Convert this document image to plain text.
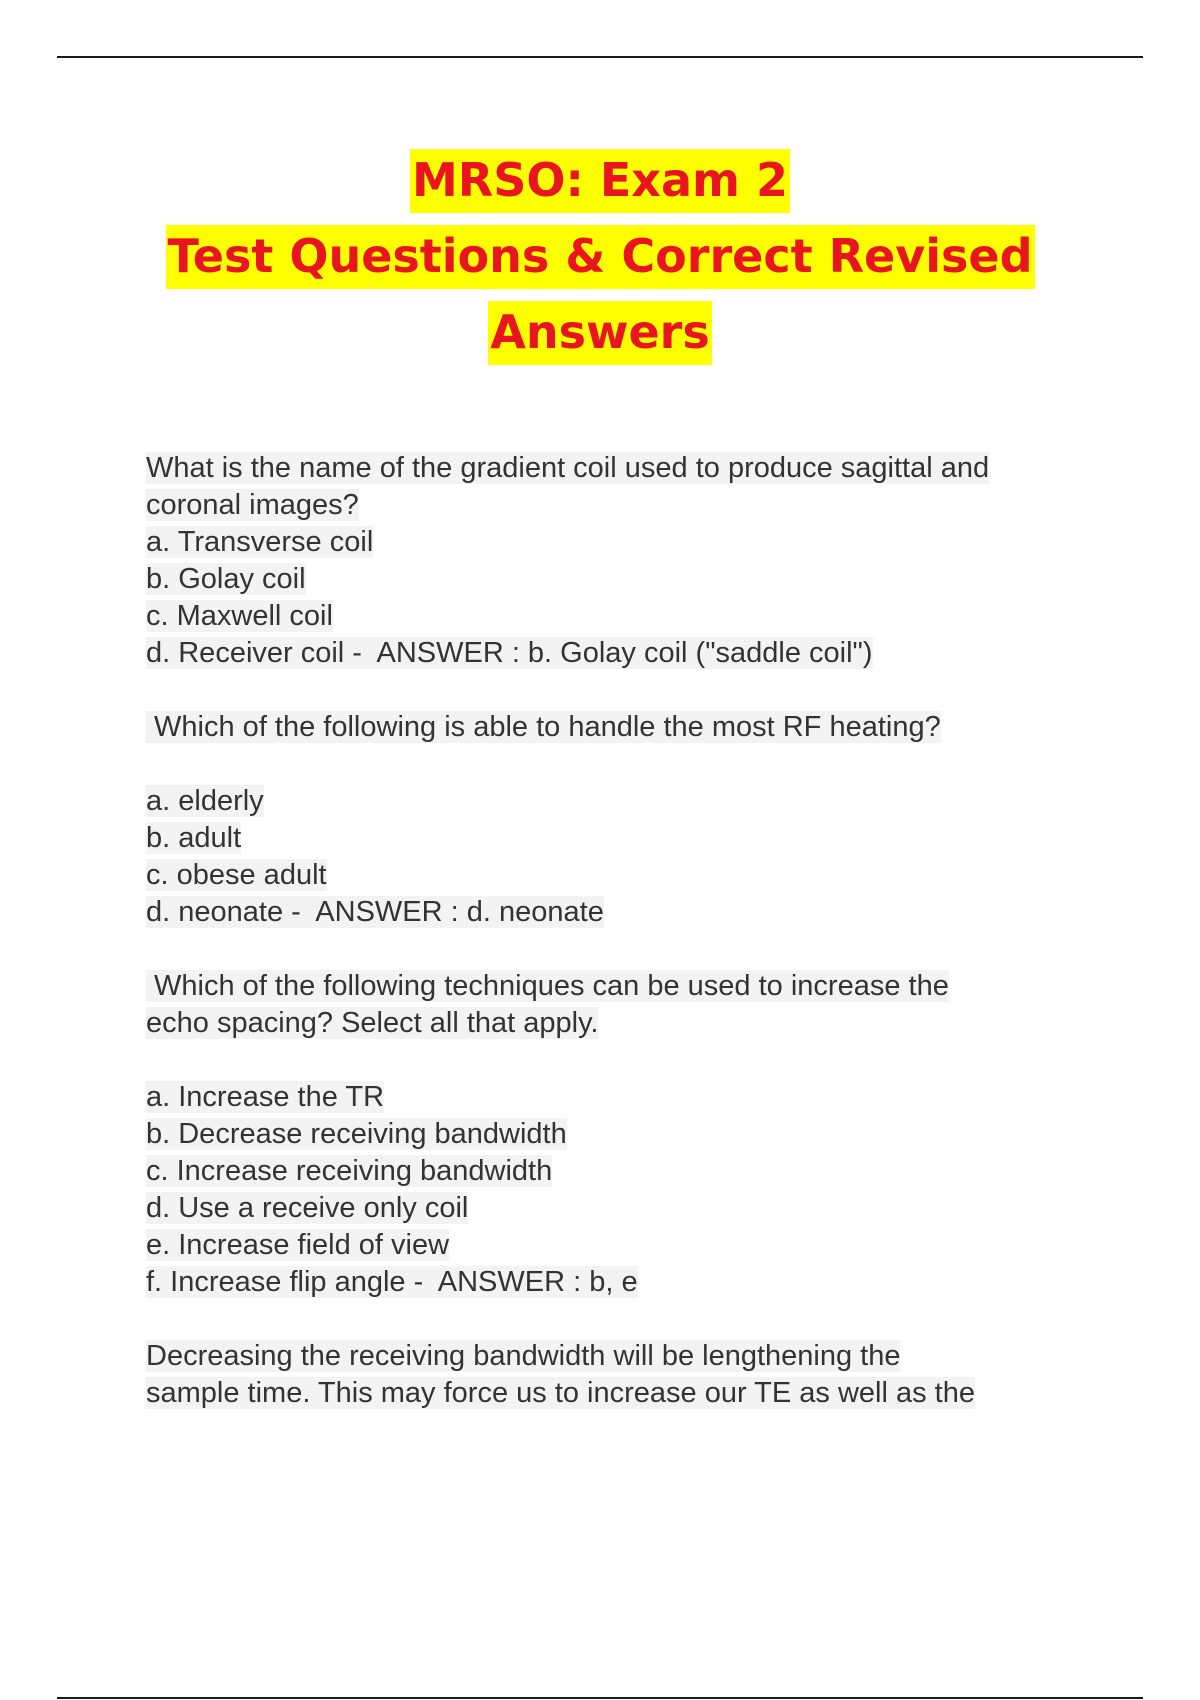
MRSO: Exam 2
Test Questions & Correct Revised
Answers
What is the name of the gradient coil used to produce sagittal and
coronal images?
a. Transverse coil
b. Golay coil
c. Maxwell coil
d. Receiver coil -  ANSWER : b. Golay coil ("saddle coil")
Which of the following is able to handle the most RF heating?
a. elderly
b. adult
c. obese adult
d. neonate -  ANSWER : d. neonate
Which of the following techniques can be used to increase the
echo spacing? Select all that apply.
a. Increase the TR
b. Decrease receiving bandwidth
c. Increase receiving bandwidth
d. Use a receive only coil
e. Increase field of view
f. Increase flip angle -  ANSWER : b, e
Decreasing the receiving bandwidth will be lengthening the
sample time. This may force us to increase our TE as well as the
